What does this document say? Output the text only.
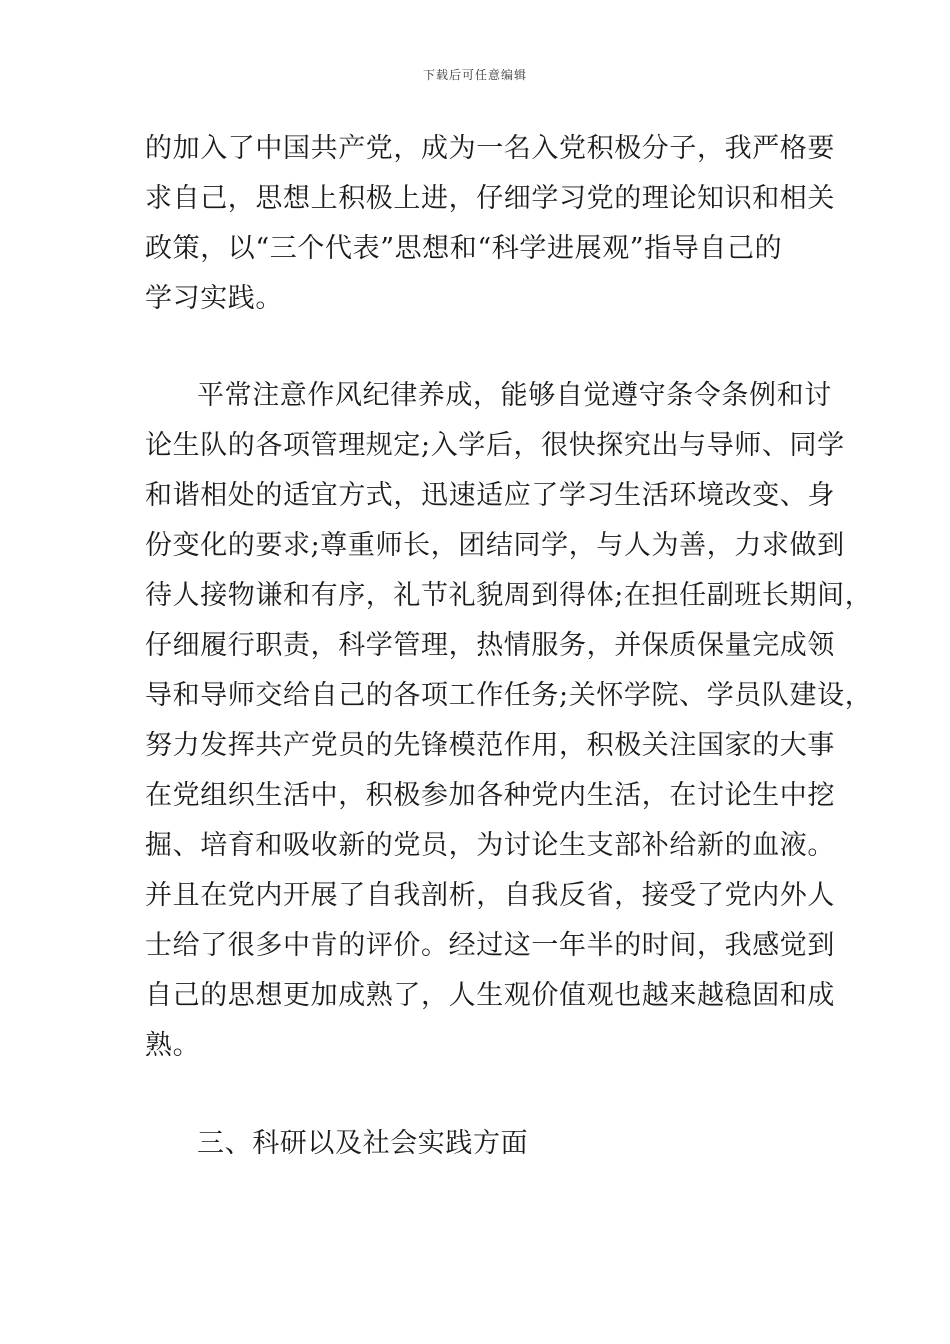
下载后可任意编辑
的加入了中国共产党，成为一名入党积极分子，我严格要
求自己，思想上积极上进，仔细学习党的理论知识和相关
政策，以“三个代表”思想和“科学进展观”指导自己的
学习实践。
平常注意作风纪律养成，能够自觉遵守条令条例和讨
论生队的各项管理规定;入学后，很快探究出与导师、同学
和谐相处的适宜方式，迅速适应了学习生活环境改变、身
份变化的要求;尊重师长，团结同学，与人为善，力求做到
待人接物谦和有序，礼节礼貌周到得体;在担任副班长期间，
仔细履行职责，科学管理，热情服务，并保质保量完成领
导和导师交给自己的各项工作任务;关怀学院、学员队建设，
努力发挥共产党员的先锋模范作用，积极关注国家的大事
在党组织生活中，积极参加各种党内生活，在讨论生中挖
掘、培育和吸收新的党员，为讨论生支部补给新的血液。
并且在党内开展了自我剖析，自我反省，接受了党内外人
士给了很多中肯的评价。经过这一年半的时间，我感觉到
自己的思想更加成熟了，人生观价值观也越来越稳固和成
熟。
三、科研以及社会实践方面
